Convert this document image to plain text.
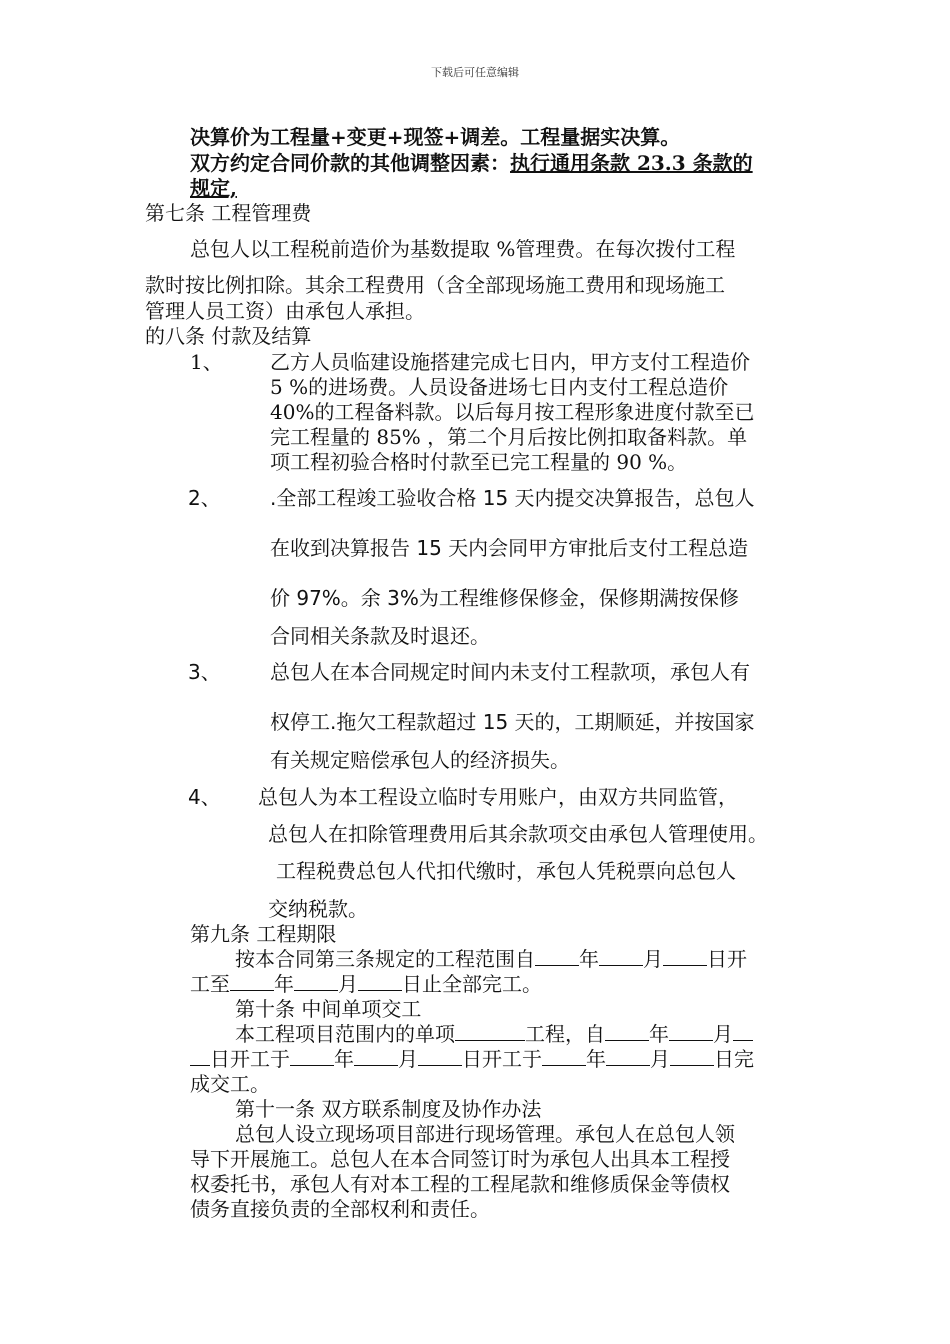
下载后可任意编辑
决算价为工程量+变更+现签+调差。工程量据实决算。
双方约定合同价款的其他调整因素：执行通用条款 23.3 条款的
规定,
第七条 工程管理费
总包人以工程税前造价为基数提取 %管理费。在每次拨付工程
款时按比例扣除。其余工程费用（含全部现场施工费用和现场施工
管理人员工资）由承包人承担。
的八条 付款及结算
1、 乙方人员临建设施搭建完成七日内，甲方支付工程造价
5 %的进场费。人员设备进场七日内支付工程总造价
40%的工程备料款。以后每月按工程形象进度付款至已
完工程量的 85% ，第二个月后按比例扣取备料款。单
项工程初验合格时付款至已完工程量的 90 %。
2、 .全部工程竣工验收合格 15 天内提交决算报告，总包人
在收到决算报告 15 天内会同甲方审批后支付工程总造
价 97%。余 3%为工程维修保修金，保修期满按保修
合同相关条款及时退还。
3、 总包人在本合同规定时间内未支付工程款项，承包人有
权停工.拖欠工程款超过 15 天的，工期顺延，并按国家
有关规定赔偿承包人的经济损失。
4、 总包人为本工程设立临时专用账户，由双方共同监管，
总包人在扣除管理费用后其余款项交由承包人管理使用。
工程税费总包人代扣代缴时，承包人凭税票向总包人
交纳税款。
第九条 工程期限
按本合同第三条规定的工程范围自 年 月 日开
工至 年 月 日止全部完工。
第十条 中间单项交工
本工程项目范围内的单项	工程，自 年 月
日开工于 年 月 日开工于 年 月 日完
成交工。
第十一条 双方联系制度及协作办法
总包人设立现场项目部进行现场管理。承包人在总包人领
导下开展施工。总包人在本合同签订时为承包人出具本工程授
权委托书，承包人有对本工程的工程尾款和维修质保金等债权
债务直接负责的全部权利和责任。
